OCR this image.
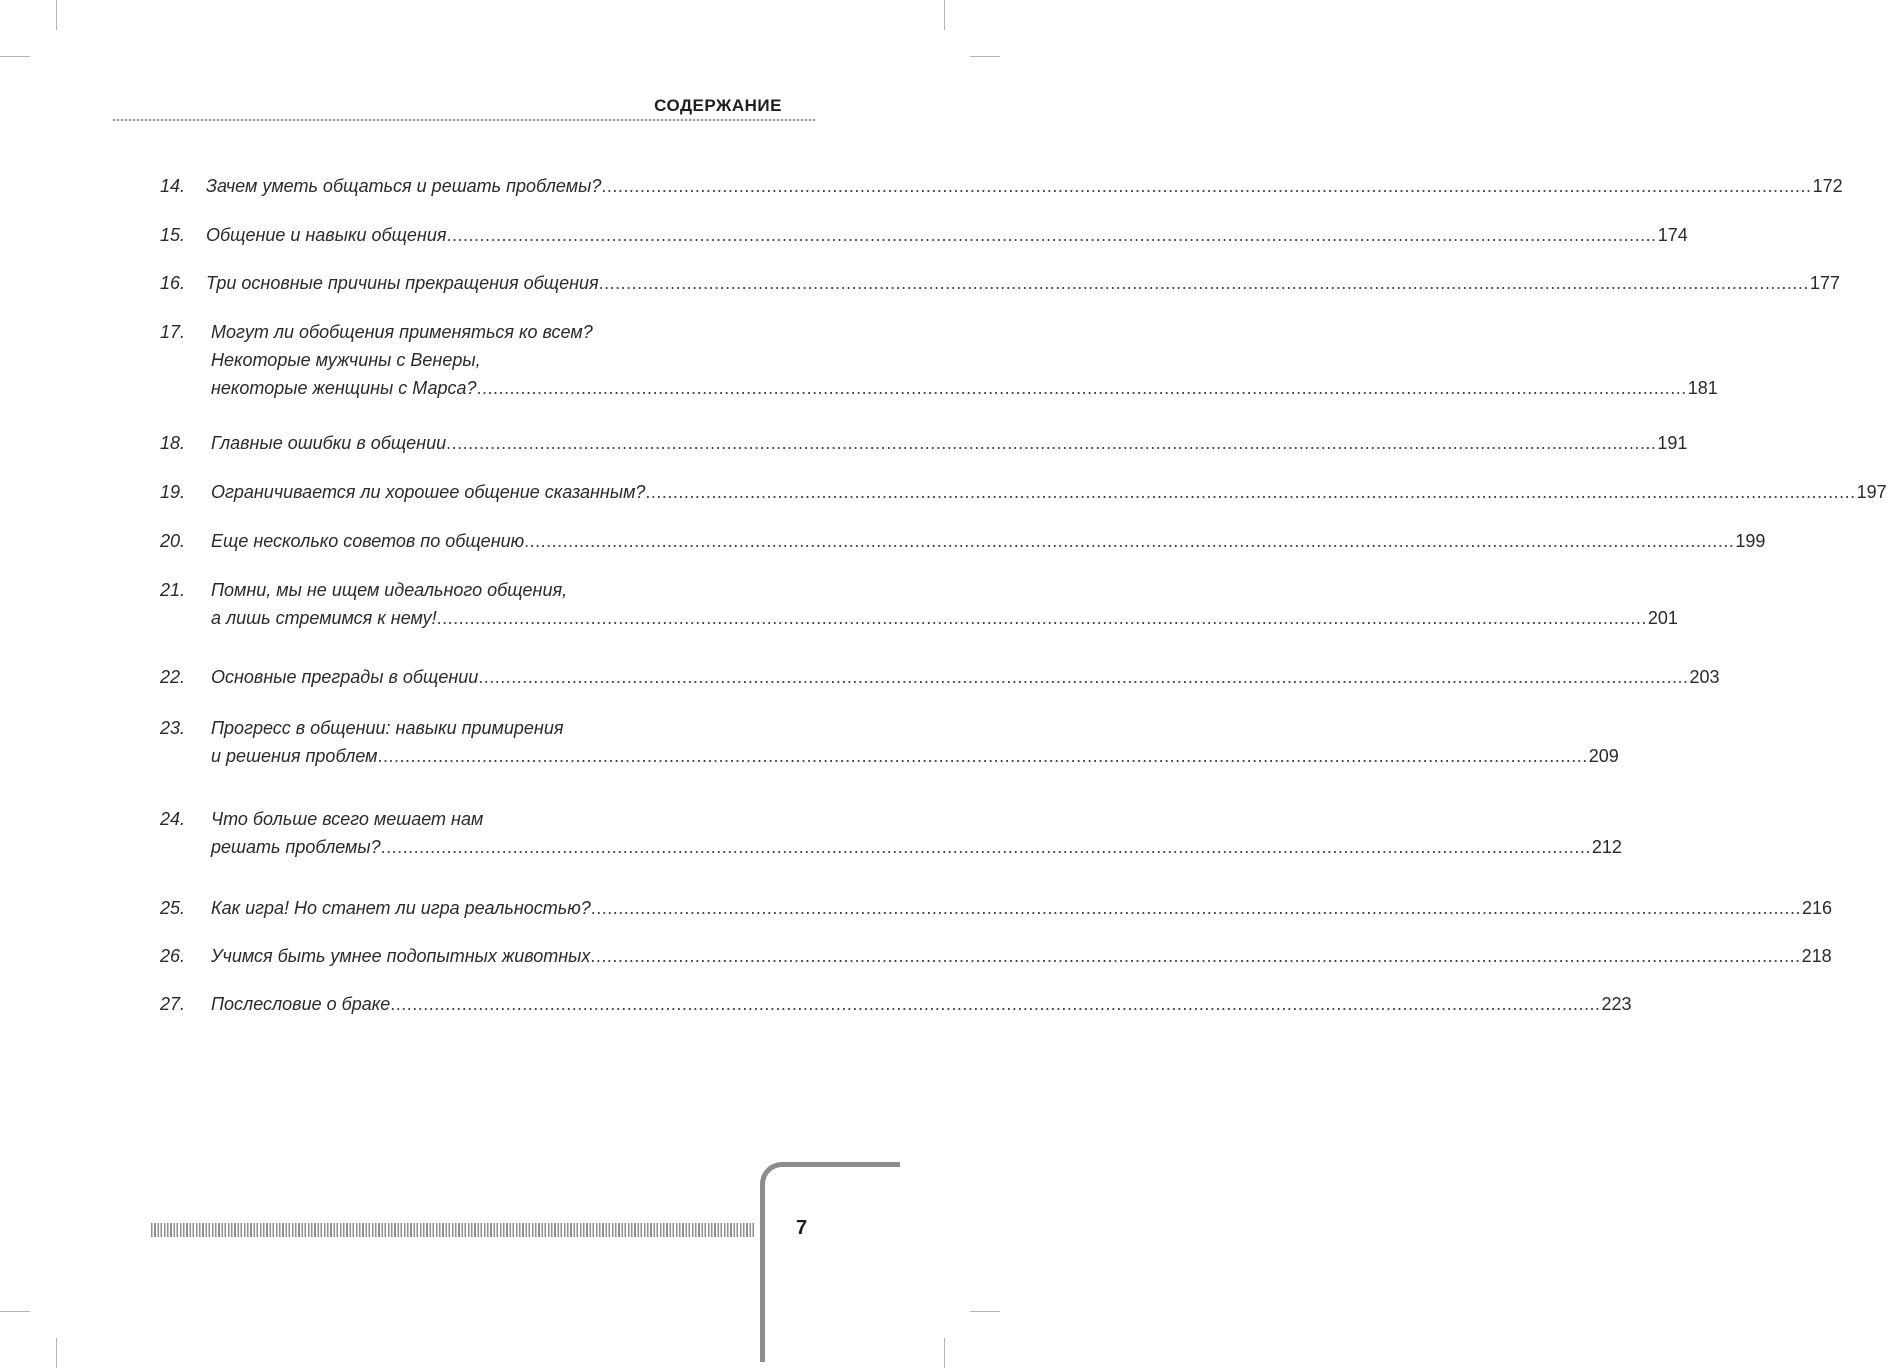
СОДЕРЖАНИЕ
14.	Зачем уметь общаться и решать проблемы? ............................................................................................................................................................................................................................ 172
15.	Общение и навыки общения ............................................................................................................................................................................................................................ 174
16.	Три основные причины прекращения общения ............................................................................................................................................................................................................................ 177
17.	Могут ли обобщения применяться ко всем?
Некоторые мужчины с Венеры,
некоторые женщины с Марса? ............................................................................................................................................................................................................................ 181
18.	Главные ошибки в общении ............................................................................................................................................................................................................................ 191
19.	Ограничивается ли хорошее общение сказанным? ............................................................................................................................................................................................................................ 197
20.	Еще несколько советов по общению ............................................................................................................................................................................................................................ 199
21.	Помни, мы не ищем идеального общения,
а лишь стремимся к нему! ............................................................................................................................................................................................................................ 201
22.	Основные преграды в общении ............................................................................................................................................................................................................................ 203
23.	Прогресс в общении: навыки примирения
и решения проблем ............................................................................................................................................................................................................................ 209
24.	Что больше всего мешает нам
решать проблемы? ............................................................................................................................................................................................................................ 212
25.	Как игра! Но станет ли игра реальностью? ............................................................................................................................................................................................................................ 216
26.	Учимся быть умнее подопытных животных ............................................................................................................................................................................................................................ 218
27.	Послесловие о браке ............................................................................................................................................................................................................................ 223
7
